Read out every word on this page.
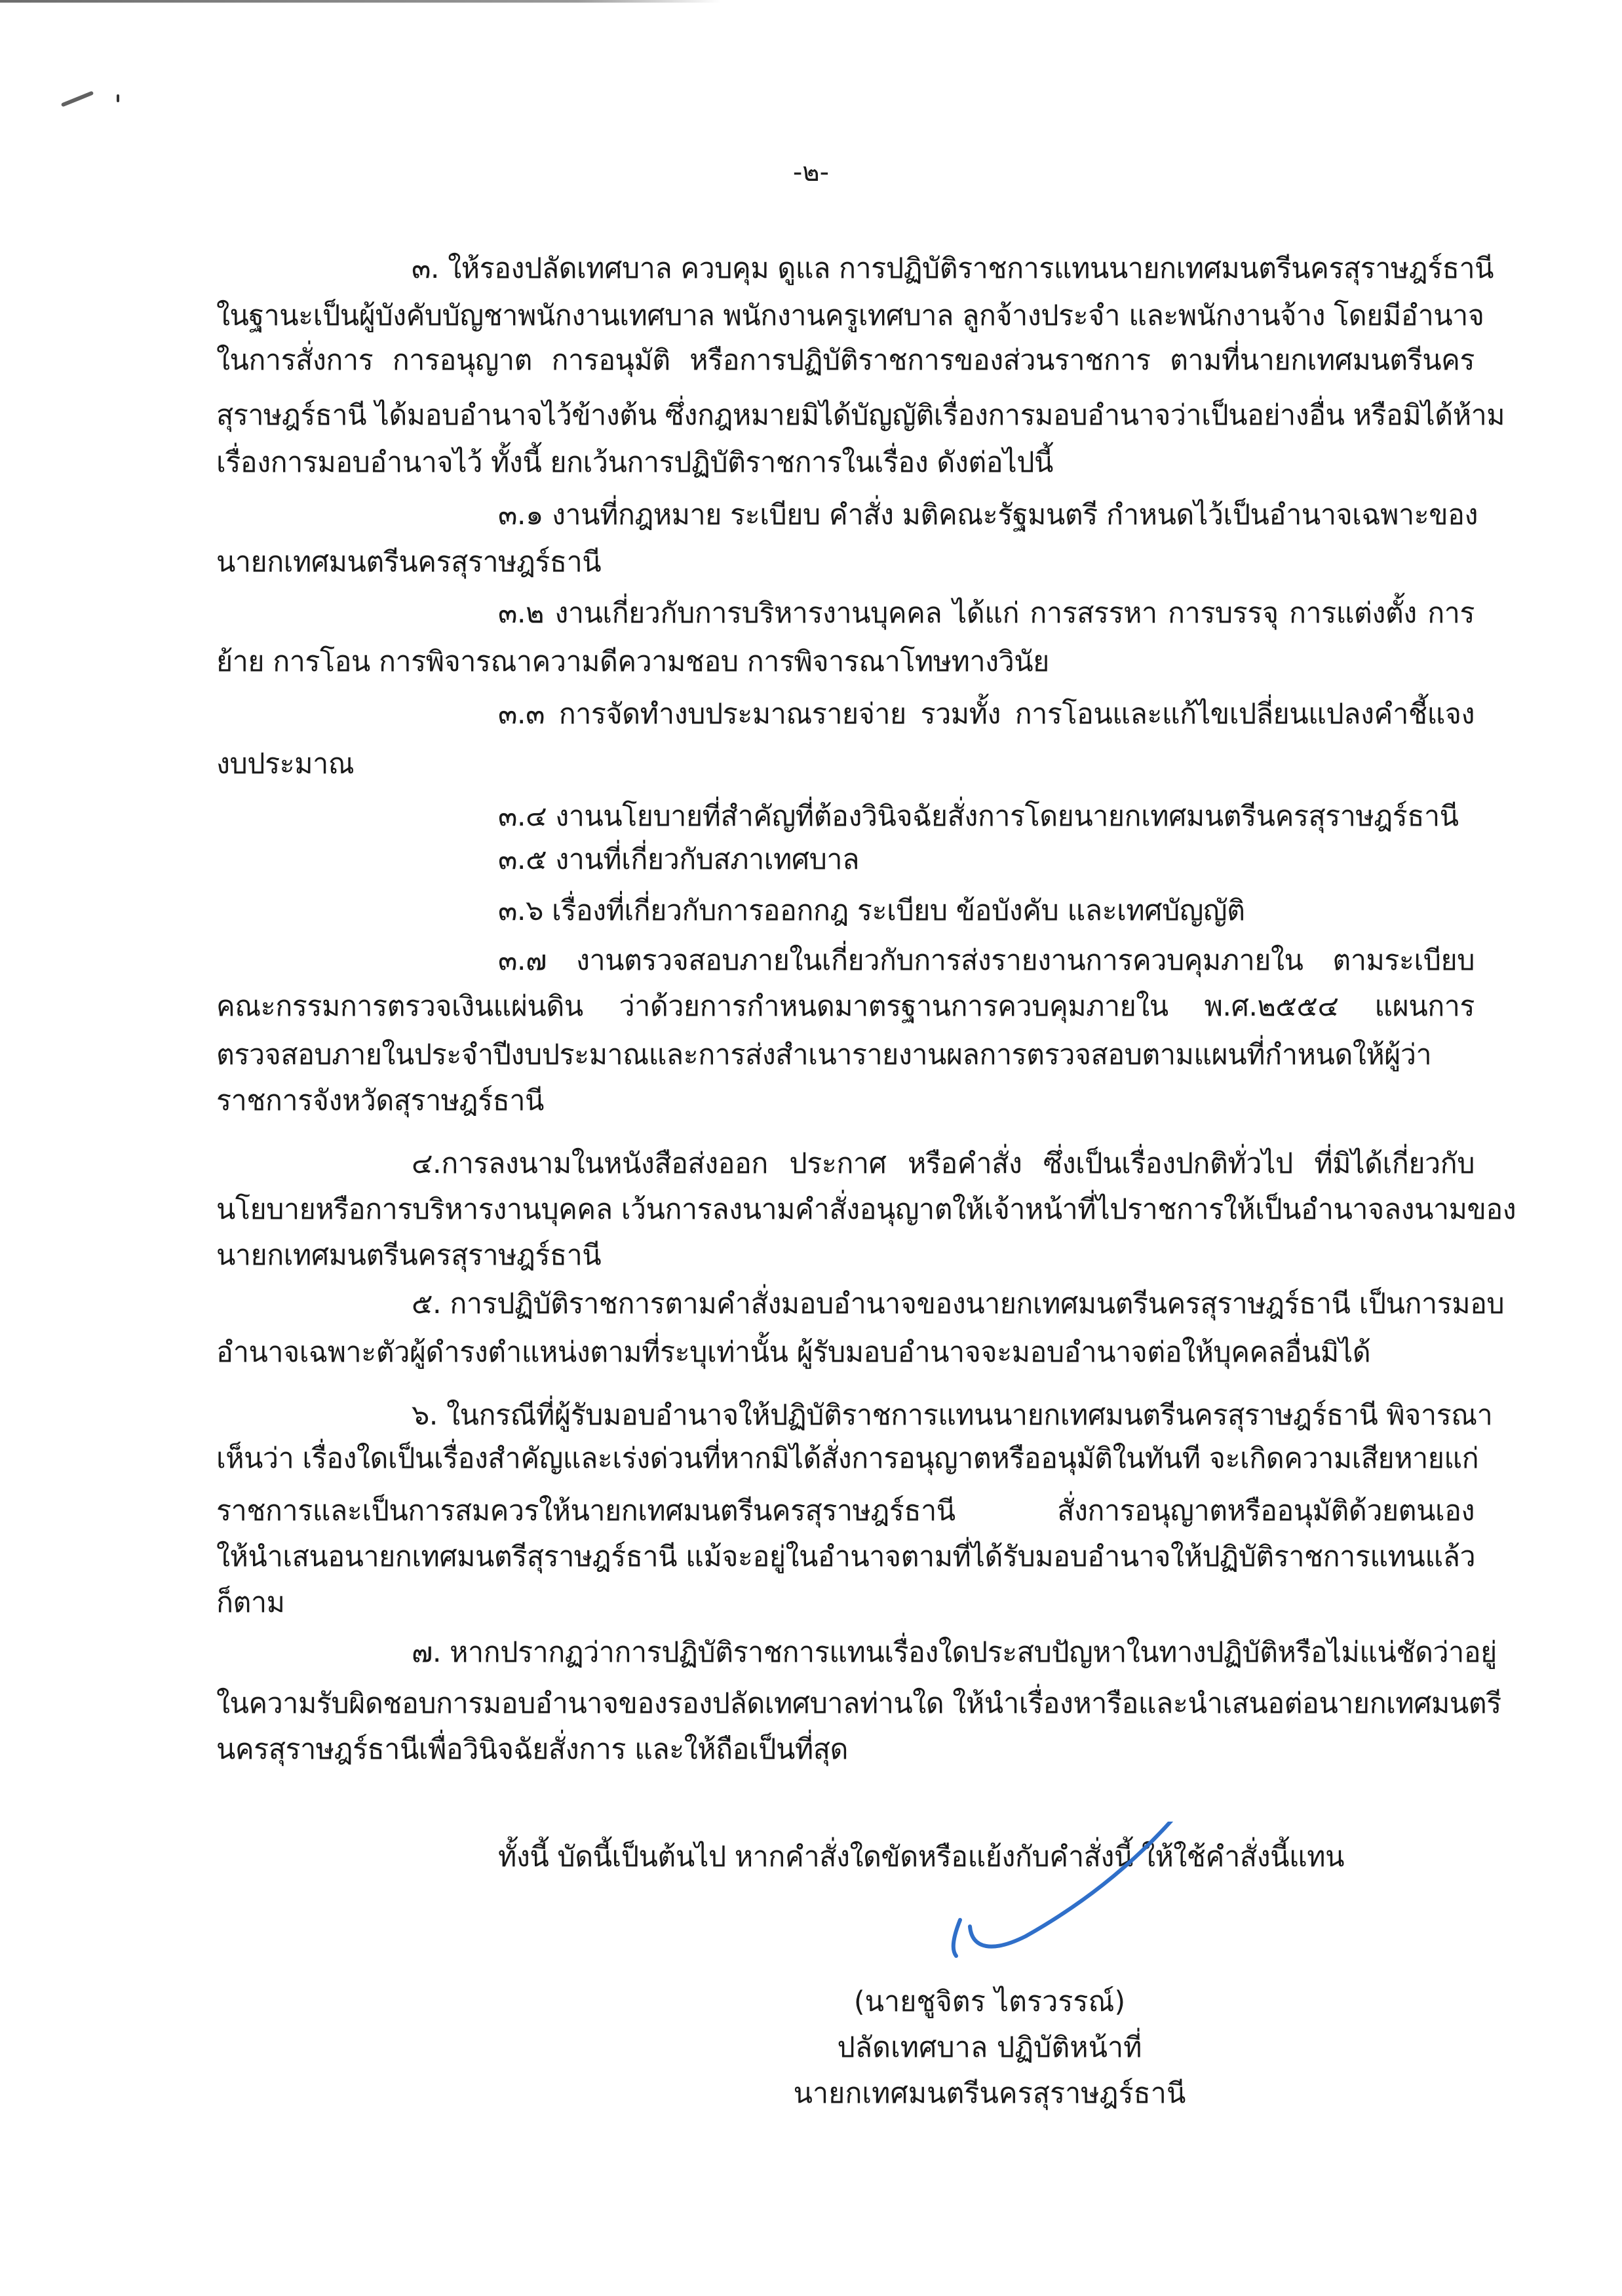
-๒-
๓. ให้รองปลัดเทศบาล ควบคุม ดูแล การปฏิบัติราชการแทนนายกเทศมนตรีนครสุราษฎร์ธานี
ในฐานะเป็นผู้บังคับบัญชาพนักงานเทศบาล พนักงานครูเทศบาล ลูกจ้างประจำ และพนักงานจ้าง โดยมีอำนาจ
ในการสั่งการ การอนุญาต การอนุมัติ หรือการปฏิบัติราชการของส่วนราชการ ตามที่นายกเทศมนตรีนคร
สุราษฎร์ธานี ได้มอบอำนาจไว้ข้างต้น ซึ่งกฎหมายมิได้บัญญัติเรื่องการมอบอำนาจว่าเป็นอย่างอื่น หรือมิได้ห้าม
เรื่องการมอบอำนาจไว้ ทั้งนี้ ยกเว้นการปฏิบัติราชการในเรื่อง ดังต่อไปนี้
๓.๑ งานที่กฎหมาย ระเบียบ คำสั่ง มติคณะรัฐมนตรี กำหนดไว้เป็นอำนาจเฉพาะของ
นายกเทศมนตรีนครสุราษฎร์ธานี
๓.๒ งานเกี่ยวกับการบริหารงานบุคคล ได้แก่ การสรรหา การบรรจุ การแต่งตั้ง การ
ย้าย การโอน การพิจารณาความดีความชอบ การพิจารณาโทษทางวินัย
๓.๓ การจัดทำงบประมาณรายจ่าย รวมทั้ง การโอนและแก้ไขเปลี่ยนแปลงคำชี้แจง
งบประมาณ
๓.๔ งานนโยบายที่สำคัญที่ต้องวินิจฉัยสั่งการโดยนายกเทศมนตรีนครสุราษฎร์ธานี
๓.๕ งานที่เกี่ยวกับสภาเทศบาล
๓.๖ เรื่องที่เกี่ยวกับการออกกฎ ระเบียบ ข้อบังคับ และเทศบัญญัติ
๓.๗ งานตรวจสอบภายในเกี่ยวกับการส่งรายงานการควบคุมภายใน ตามระเบียบ
คณะกรรมการตรวจเงินแผ่นดิน ว่าด้วยการกำหนดมาตรฐานการควบคุมภายใน พ.ศ.๒๕๕๔ แผนการ
ตรวจสอบภายในประจำปีงบประมาณและการส่งสำเนารายงานผลการตรวจสอบตามแผนที่กำหนดให้ผู้ว่า
ราชการจังหวัดสุราษฎร์ธานี
๔.การลงนามในหนังสือส่งออก ประกาศ หรือคำสั่ง ซึ่งเป็นเรื่องปกติทั่วไป ที่มิได้เกี่ยวกับ
นโยบายหรือการบริหารงานบุคคล เว้นการลงนามคำสั่งอนุญาตให้เจ้าหน้าที่ไปราชการให้เป็นอำนาจลงนามของ
นายกเทศมนตรีนครสุราษฎร์ธานี
๕. การปฏิบัติราชการตามคำสั่งมอบอำนาจของนายกเทศมนตรีนครสุราษฎร์ธานี เป็นการมอบ
อำนาจเฉพาะตัวผู้ดำรงตำแหน่งตามที่ระบุเท่านั้น ผู้รับมอบอำนาจจะมอบอำนาจต่อให้บุคคลอื่นมิได้
๖. ในกรณีที่ผู้รับมอบอำนาจให้ปฏิบัติราชการแทนนายกเทศมนตรีนครสุราษฎร์ธานี พิจารณา
เห็นว่า เรื่องใดเป็นเรื่องสำคัญและเร่งด่วนที่หากมิได้สั่งการอนุญาตหรืออนุมัติในทันที จะเกิดความเสียหายแก่
ราชการและเป็นการสมควรให้นายกเทศมนตรีนครสุราษฎร์ธานี สั่งการอนุญาตหรืออนุมัติด้วยตนเอง
ให้นำเสนอนายกเทศมนตรีสุราษฎร์ธานี แม้จะอยู่ในอำนาจตามที่ได้รับมอบอำนาจให้ปฏิบัติราชการแทนแล้ว
ก็ตาม
๗. หากปรากฏว่าการปฏิบัติราชการแทนเรื่องใดประสบปัญหาในทางปฏิบัติหรือไม่แน่ชัดว่าอยู่
ในความรับผิดชอบการมอบอำนาจของรองปลัดเทศบาลท่านใด ให้นำเรื่องหารือและนำเสนอต่อนายกเทศมนตรี
นครสุราษฎร์ธานีเพื่อวินิจฉัยสั่งการ และให้ถือเป็นที่สุด
ทั้งนี้ บัดนี้เป็นต้นไป หากคำสั่งใดขัดหรือแย้งกับคำสั่งนี้ ให้ใช้คำสั่งนี้แทน
(นายชูจิตร ไตรวรรณ์)
ปลัดเทศบาล ปฏิบัติหน้าที่
นายกเทศมนตรีนครสุราษฎร์ธานี
